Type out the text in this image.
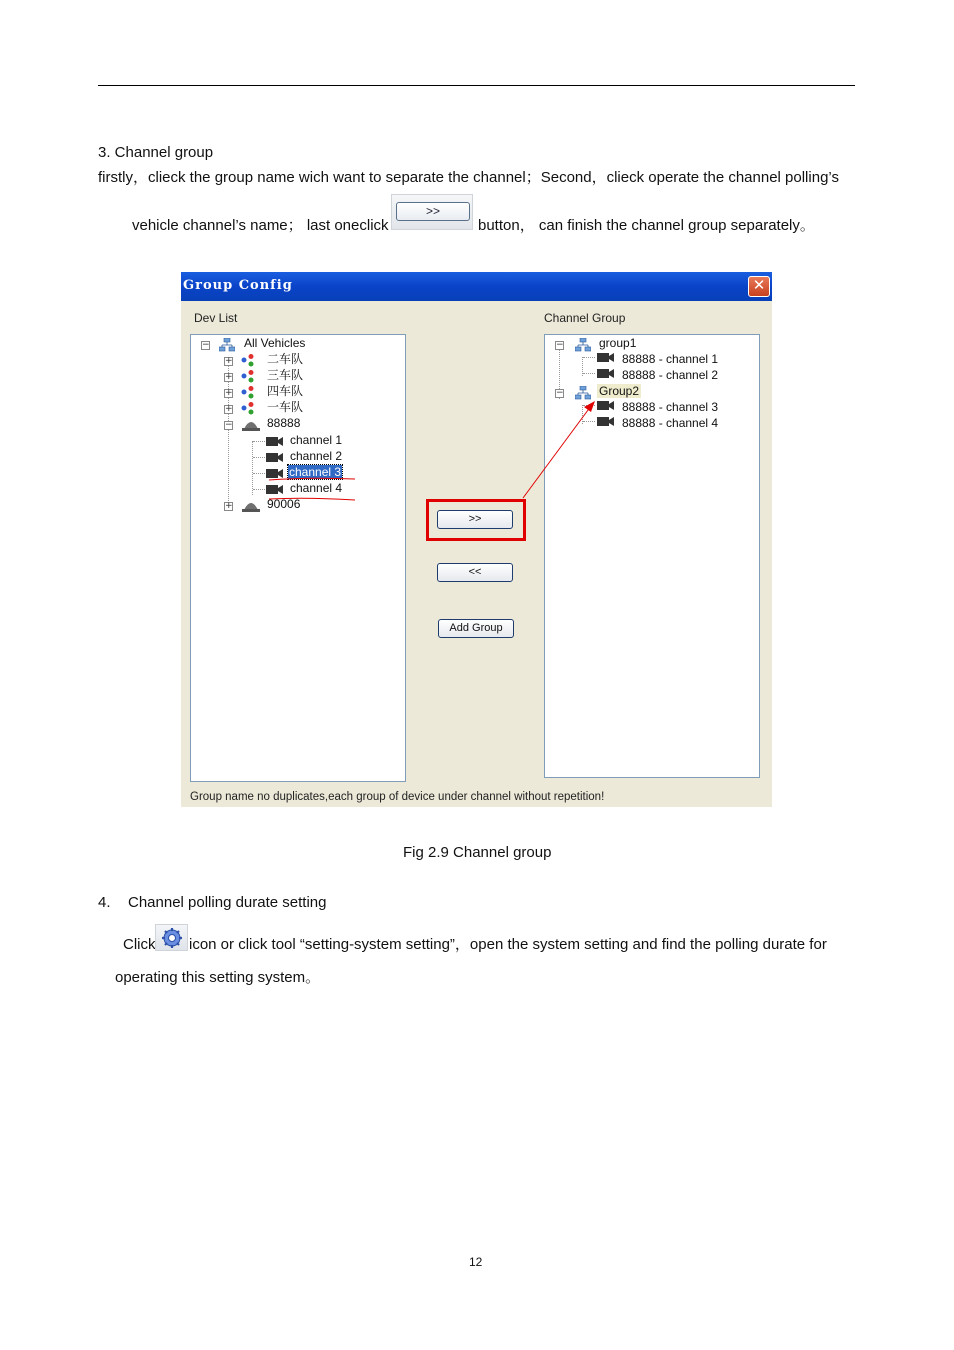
3. Channel group
firstly，clieck the group name wich want to separate the channel；Second，clieck operate the channel polling’s
vehicle channel’s name； last oneclick
>>
button， can finish the channel group separately。
Group Config	✕
Dev List	Channel Group
−	All Vehicles
+	二车队
+	三车队
+	四车队
+	一车队
−	88888
channel 1
channel 2
channel 3
channel 4
+	90006
>>
<<
Add Group
−	group1
88888 - channel 1
88888 - channel 2
−	Group2
88888 - channel 3
88888 - channel 4
Group name no duplicates,each group of device under channel without repetition!
Fig 2.9 Channel group
4. Channel polling durate setting
Click icon or click tool “setting-system setting”，open the system setting and find the polling durate for
operating this setting system。
12
